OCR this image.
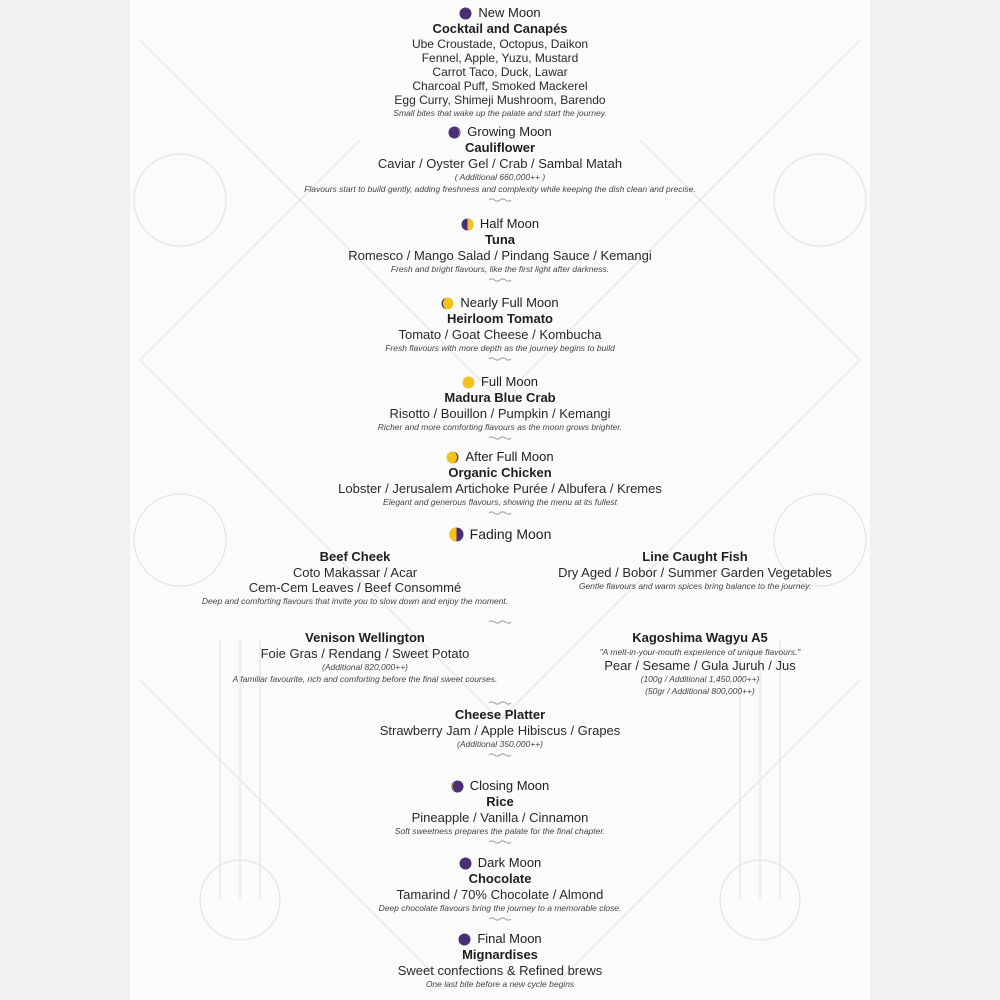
New Moon
Cocktail and Canapés
Ube Croustade, Octopus, Daikon
Fennel, Apple, Yuzu, Mustard
Carrot Taco, Duck, Lawar
Charcoal Puff, Smoked Mackerel
Egg Curry, Shimeji Mushroom, Barendo
Small bites that wake up the palate and start the journey.
Growing Moon
Cauliflower
Caviar / Oyster Gel / Crab / Sambal Matah
( Additional 660,000++ )
Flavours start to build gently, adding freshness and complexity while keeping the dish clean and precise.
Half Moon
Tuna
Romesco / Mango Salad / Pindang Sauce / Kemangi
Fresh and bright flavours, like the first light after darkness.
Nearly Full Moon
Heirloom Tomato
Tomato / Goat Cheese / Kombucha
Fresh flavours with more depth as the journey begins to build
Full Moon
Madura Blue Crab
Risotto / Bouillon / Pumpkin / Kemangi
Richer and more comforting flavours as the moon grows brighter.
After Full Moon
Organic Chicken
Lobster / Jerusalem Artichoke Purée / Albufera / Kremes
Elegant and generous flavours, showing the menu at its fullest
Fading Moon
Beef Cheek
Coto Makassar / Acar
Cem-Cem Leaves / Beef Consommé
Deep and comforting flavours that invite you to slow down and enjoy the moment.
Line Caught Fish
Dry Aged / Bobor / Summer Garden Vegetables
Gentle flavours and warm spices bring balance to the journey.
Venison Wellington
Foie Gras / Rendang / Sweet Potato
(Additional 820,000++)
A familiar favourite, rich and comforting before the final sweet courses.
Kagoshima Wagyu A5
"A melt-in-your-mouth experience of unique flavours."
Pear / Sesame / Gula Juruh / Jus
(100g / Additional 1,450,000++)
(50gr / Additional 800,000++)
Cheese Platter
Strawberry Jam / Apple Hibiscus / Grapes
(Additional 350,000++)
Closing Moon
Rice
Pineapple / Vanilla / Cinnamon
Soft sweetness prepares the palate for the final chapter.
Dark Moon
Chocolate
Tamarind / 70% Chocolate / Almond
Deep chocolate flavours bring the journey to a memorable close.
Final Moon
Mignardises
Sweet confections & Refined brews
One last bite before a new cycle begins
